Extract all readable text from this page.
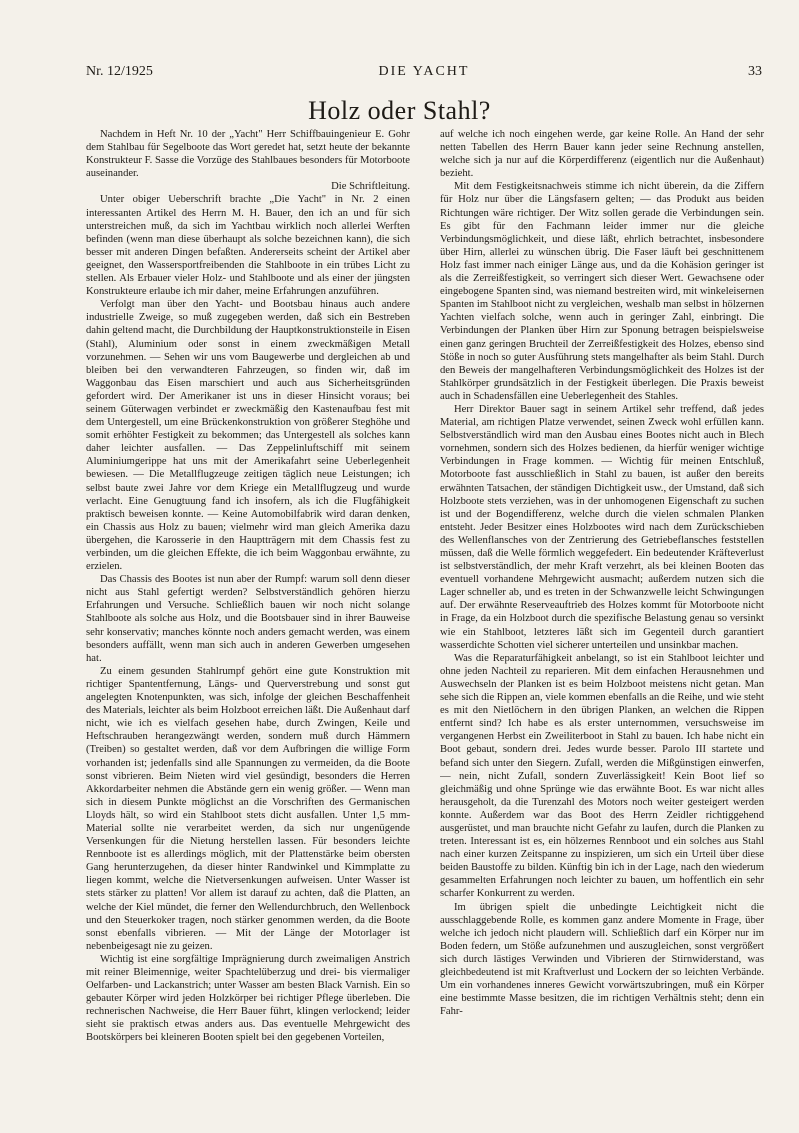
Nr. 12/1925	DIE YACHT	33
Holz oder Stahl?

Nachdem in Heft Nr. 10 der „Yacht" Herr Schiffbauingenieur E. Gohr dem Stahlbau für Segelboote das Wort geredet hat, setzt heute der bekannte Konstrukteur F. Sasse die Vorzüge des Stahlbaues besonders für Motorboote auseinander.

Die Schriftleitung.

Unter obiger Ueberschrift brachte „Die Yacht" in Nr. 2 einen interessanten Artikel des Herrn M. H. Bauer, den ich an und für sich unterstreichen muß, da sich im Yachtbau wirklich noch allerlei Werften befinden (wenn man diese überhaupt als solche bezeichnen kann), die sich besser mit anderen Dingen befaßten. Andererseits scheint der Artikel aber geeignet, den Wassersportfreibenden die Stahlboote in ein trübes Licht zu stellen. Als Erbauer vieler Holz- und Stahlboote und als einer der jüngsten Konstrukteure erlaube ich mir daher, meine Erfahrungen anzuführen.

Verfolgt man über den Yacht- und Bootsbau hinaus auch andere industrielle Zweige, so muß zugegeben werden, daß sich ein Bestreben dahin geltend macht, die Durchbildung der Hauptkonstruktionsteile in Eisen (Stahl), Aluminium oder sonst in einem zweckmäßigen Metall vorzunehmen. — Sehen wir uns vom Baugewerbe und dergleichen ab und bleiben bei den verwandteren Fahrzeugen, so finden wir, daß im Waggonbau das Eisen marschiert und auch aus Sicherheitsgründen gefordert wird. Der Amerikaner ist uns in dieser Hinsicht voraus; bei seinem Güterwagen verbindet er zweckmäßig den Kastenaufbau fest mit dem Untergestell, um eine Brückenkonstruktion von größerer Steghöhe und somit erhöhter Festigkeit zu bekommen; das Untergestell als solches kann daher leichter ausfallen. — Das Zeppelinluftschiff mit seinem Aluminiumgerippe hat uns mit der Amerikafahrt seine Ueberlegenheit bewiesen. — Die Metallflugzeuge zeitigen täglich neue Leistungen; ich selbst baute zwei Jahre vor dem Kriege ein Metallflugzeug und wurde verlacht. Eine Genugtuung fand ich insofern, als ich die Flugfähigkeit praktisch beweisen konnte. — Keine Automobilfabrik wird daran denken, ein Chassis aus Holz zu bauen; vielmehr wird man gleich Amerika dazu übergehen, die Karosserie in den Hauptträgern mit dem Chassis fest zu verbinden, um die gleichen Effekte, die ich beim Waggonbau erwähnte, zu erzielen.

Das Chassis des Bootes ist nun aber der Rumpf: warum soll denn dieser nicht aus Stahl gefertigt werden? Selbstverständlich gehören hierzu Erfahrungen und Versuche. Schließlich bauen wir noch nicht solange Stahlboote als solche aus Holz, und die Bootsbauer sind in ihrer Bauweise sehr konservativ; manches könnte noch anders gemacht werden, was einem besonders auffällt, wenn man sich auch in anderen Gewerben umgesehen hat.

Zu einem gesunden Stahlrumpf gehört eine gute Konstruktion mit richtiger Spantentfernung, Längs- und Querverstrebung und sonst gut angelegten Knotenpunkten, was sich, infolge der gleichen Beschaffenheit des Materials, leichter als beim Holzboot erreichen läßt. Die Außenhaut darf nicht, wie ich es vielfach gesehen habe, durch Zwingen, Keile und Heftschrauben herangezwängt werden, sondern muß durch Hämmern (Treiben) so gestaltet werden, daß vor dem Aufbringen die willige Form vorhanden ist; jedenfalls sind alle Spannungen zu vermeiden, da die Boote sonst vibrieren. Beim Nieten wird viel gesündigt, besonders die Herren Akkordarbeiter nehmen die Abstände gern ein wenig größer. — Wenn man sich in diesem Punkte möglichst an die Vorschriften des Germanischen Lloyds hält, so wird ein Stahlboot stets dicht ausfallen. Unter 1,5 mm-Material sollte nie verarbeitet werden, da sich nur ungenügende Versenkungen für die Nietung herstellen lassen. Für besonders leichte Rennboote ist es allerdings möglich, mit der Plattenstärke beim obersten Gang herunterzugehen, da dieser hinter Randwinkel und Kimmplatte zu liegen kommt, welche die Nietversenkungen aufweisen. Unter Wasser ist stets stärker zu platten! Vor allem ist darauf zu achten, daß die Platten, an welche der Kiel mündet, die ferner den Wellendurchbruch, den Wellenbock und den Steuerkoker tragen, noch stärker genommen werden, da die Boote sonst ebenfalls vibrieren. — Mit der Länge der Motorlager ist nebenbeigesagt nie zu geizen.

Wichtig ist eine sorgfältige Imprägnierung durch zweimaligen Anstrich mit reiner Bleimennige, weiter Spachtelüberzug und drei- bis viermaliger Oelfarben- und Lackanstrich; unter Wasser am besten Black Varnish. Ein so gebauter Körper wird jeden Holzkörper bei richtiger Pflege überleben. Die rechnerischen Nachweise, die Herr Bauer führt, klingen verlockend; leider sieht sie praktisch etwas anders aus. Das eventuelle Mehrgewicht des Bootskörpers bei kleineren Booten spielt bei den gegebenen Vorteilen,

auf welche ich noch eingehen werde, gar keine Rolle. An Hand der sehr netten Tabellen des Herrn Bauer kann jeder seine Rechnung anstellen, welche sich ja nur auf die Körperdifferenz (eigentlich nur die Außenhaut) bezieht.

Mit dem Festigkeitsnachweis stimme ich nicht überein, da die Ziffern für Holz nur über die Längsfasern gelten; — das Produkt aus beiden Richtungen wäre richtiger. Der Witz sollen gerade die Verbindungen sein. Es gibt für den Fachmann leider immer nur die gleiche Verbindungsmöglichkeit, und diese läßt, ehrlich betrachtet, insbesondere über Hirn, allerlei zu wünschen übrig. Die Faser läuft bei geschnittenem Holz fast immer nach einiger Länge aus, und da die Kohäsion geringer ist als die Zerreißfestigkeit, so verringert sich dieser Wert. Gewachsene oder eingebogene Spanten sind, was niemand bestreiten wird, mit winkeleisernen Spanten im Stahlboot nicht zu vergleichen, weshalb man selbst in hölzernen Yachten vielfach solche, wenn auch in geringer Zahl, einbringt. Die Verbindungen der Planken über Hirn zur Sponung betragen beispielsweise einen ganz geringen Bruchteil der Zerreißfestigkeit des Holzes, ebenso sind Stöße in noch so guter Ausführung stets mangelhafter als beim Stahl. Durch den Beweis der mangelhafteren Verbindungsmöglichkeit des Holzes ist der Stahlkörper grundsätzlich in der Festigkeit überlegen. Die Praxis beweist auch in Schadensfällen eine Ueberlegenheit des Stahles.

Herr Direktor Bauer sagt in seinem Artikel sehr treffend, daß jedes Material, am richtigen Platze verwendet, seinen Zweck wohl erfüllen kann. Selbstverständlich wird man den Ausbau eines Bootes nicht auch in Blech vornehmen, sondern sich des Holzes bedienen, da hierfür weniger wichtige Verbindungen in Frage kommen. — Wichtig für meinen Entschluß, Motorboote fast ausschließlich in Stahl zu bauen, ist außer den bereits erwähnten Tatsachen, der ständigen Dichtigkeit usw., der Umstand, daß sich Holzboote stets verziehen, was in der unhomogenen Eigenschaft zu suchen ist und der Bogendifferenz, welche durch die vielen schmalen Planken entsteht. Jeder Besitzer eines Holzbootes wird nach dem Zurückschieben des Wellenflansches von der Zentrierung des Getriebeflansches feststellen müssen, daß die Welle förmlich weggefedert. Ein bedeutender Kräfteverlust ist selbstverständlich, der mehr Kraft verzehrt, als bei kleinen Booten das eventuell vorhandene Mehrgewicht ausmacht; außerdem nutzen sich die Lager schneller ab, und es treten in der Schwanzwelle leicht Schwingungen auf. Der erwähnte Reserveauftrieb des Holzes kommt für Motorboote nicht in Frage, da ein Holzboot durch die spezifische Belastung genau so versinkt wie ein Stahlboot, letzteres läßt sich im Gegenteil durch garantiert wasserdichte Schotten viel sicherer unterteilen und unsinkbar machen.

Was die Reparaturfähigkeit anbelangt, so ist ein Stahlboot leichter und ohne jeden Nachteil zu reparieren. Mit dem einfachen Herausnehmen und Auswechseln der Planken ist es beim Holzboot meistens nicht getan. Man sehe sich die Rippen an, viele kommen ebenfalls an die Reihe, und wie steht es mit den Nietlöchern in den übrigen Planken, an welchen die Rippen entfernt sind? Ich habe es als erster unternommen, versuchsweise im vergangenen Herbst ein Zweiliterboot in Stahl zu bauen. Ich habe nicht ein Boot gebaut, sondern drei. Jedes wurde besser. Parolo III startete und befand sich unter den Siegern. Zufall, werden die Mißgünstigen einwerfen, — nein, nicht Zufall, sondern Zuverlässigkeit! Kein Boot lief so gleichmäßig und ohne Sprünge wie das erwähnte Boot. Es war nicht alles herausgeholt, da die Turenzahl des Motors noch weiter gesteigert werden konnte. Außerdem war das Boot des Herrn Zeidler richtiggehend ausgerüstet, und man brauchte nicht Gefahr zu laufen, durch die Planken zu treten. Interessant ist es, ein hölzernes Rennboot und ein solches aus Stahl nach einer kurzen Zeitspanne zu inspizieren, um sich ein Urteil über diese beiden Baustoffe zu bilden. Künftig bin ich in der Lage, nach den wiederum gesammelten Erfahrungen noch leichter zu bauen, um hoffentlich ein sehr scharfer Konkurrent zu werden.

Im übrigen spielt die unbedingte Leichtigkeit nicht die ausschlaggebende Rolle, es kommen ganz andere Momente in Frage, über welche ich jedoch nicht plaudern will. Schließlich darf ein Körper nur im Boden federn, um Stöße aufzunehmen und auszugleichen, sonst vergrößert sich durch lästiges Verwinden und Vibrieren der Stirnwiderstand, was gleichbedeutend ist mit Kraftverlust und Lockern der so leichten Verbände. Um ein vorhandenes inneres Gewicht vorwärtszubringen, muß ein Körper eine bestimmte Masse besitzen, die im richtigen Verhältnis steht; denn ein Fahr-
